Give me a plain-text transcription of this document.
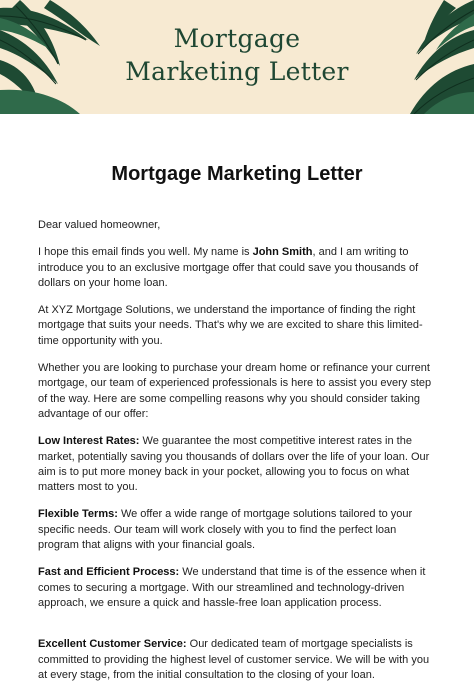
Mortgage
Marketing Letter
Mortgage Marketing Letter

Dear valued homeowner,

I hope this email finds you well. My name is John Smith, and I am writing to introduce you to an exclusive mortgage offer that could save you thousands of dollars on your home loan.

At XYZ Mortgage Solutions, we understand the importance of finding the right mortgage that suits your needs. That's why we are excited to share this limited-time opportunity with you.

Whether you are looking to purchase your dream home or refinance your current mortgage, our team of experienced professionals is here to assist you every step of the way. Here are some compelling reasons why you should consider taking advantage of our offer:

Low Interest Rates: We guarantee the most competitive interest rates in the market, potentially saving you thousands of dollars over the life of your loan. Our aim is to put more money back in your pocket, allowing you to focus on what matters most to you.

Flexible Terms: We offer a wide range of mortgage solutions tailored to your specific needs. Our team will work closely with you to find the perfect loan program that aligns with your financial goals.

Fast and Efficient Process: We understand that time is of the essence when it comes to securing a mortgage. With our streamlined and technology-driven approach, we ensure a quick and hassle-free loan application process.

Excellent Customer Service: Our dedicated team of mortgage specialists is committed to providing the highest level of customer service. We will be with you at every stage, from the initial consultation to the closing of your loan.
